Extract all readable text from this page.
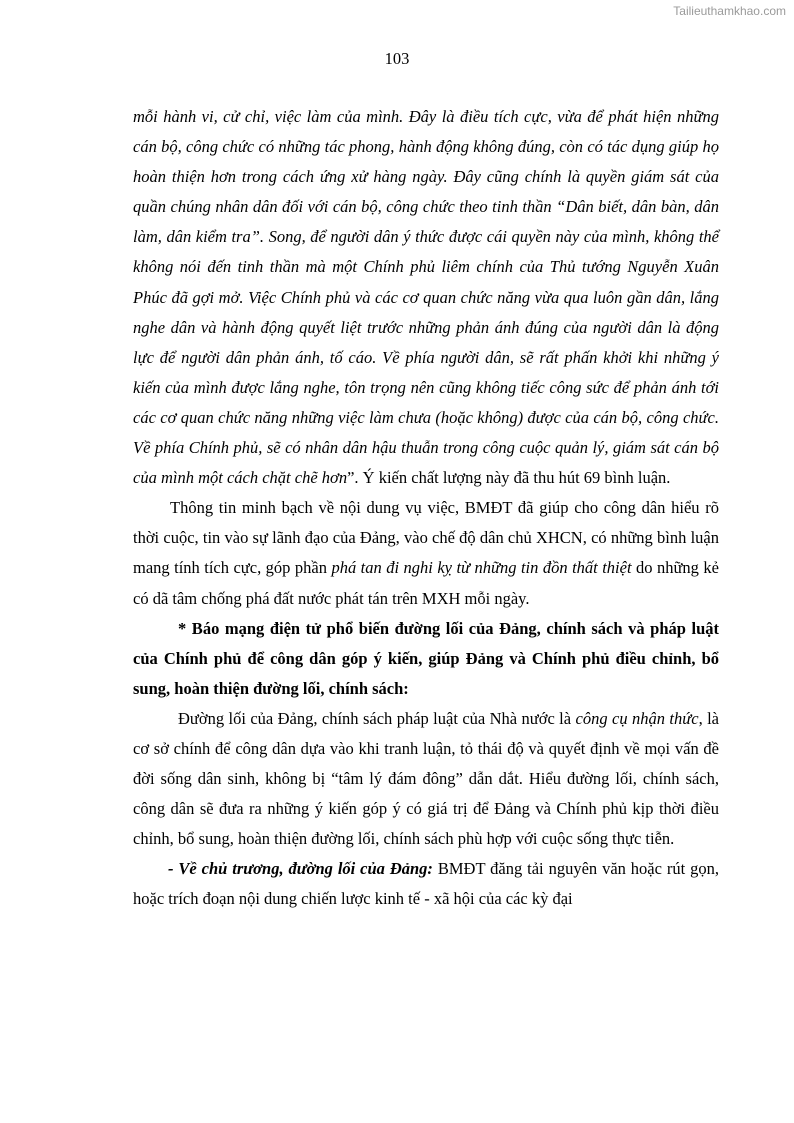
Tailieuthamkhao.com
103

mỗi hành vi, cử chỉ, việc làm của mình. Đây là điều tích cực, vừa để phát hiện những cán bộ, công chức có những tác phong, hành động không đúng, còn có tác dụng giúp họ hoàn thiện hơn trong cách ứng xử hàng ngày. Đây cũng chính là quyền giám sát của quần chúng nhân dân đối với cán bộ, công chức theo tinh thần “Dân biết, dân bàn, dân làm, dân kiểm tra”. Song, để người dân ý thức được cái quyền này của mình, không thể không nói đến tinh thần mà một Chính phủ liêm chính của Thủ tướng Nguyễn Xuân Phúc đã gợi mở. Việc Chính phủ và các cơ quan chức năng vừa qua luôn gần dân, lắng nghe dân và hành động quyết liệt trước những phản ánh đúng của người dân là động lực để người dân phản ánh, tố cáo. Về phía người dân, sẽ rất phấn khởi khi những ý kiến của mình được lắng nghe, tôn trọng nên cũng không tiếc công sức để phản ánh tới các cơ quan chức năng những việc làm chưa (hoặc không) được của cán bộ, công chức. Về phía Chính phủ, sẽ có nhân dân hậu thuẫn trong công cuộc quản lý, giám sát cán bộ của mình một cách chặt chẽ hơn”. Ý kiến chất lượng này đã thu hút 69 bình luận.

Thông tin minh bạch về nội dung vụ việc, BMĐT đã giúp cho công dân hiểu rõ thời cuộc, tin vào sự lãnh đạo của Đảng, vào chế độ dân chủ XHCN, có những bình luận mang tính tích cực, góp phần phá tan đi nghi kỵ từ những tin đồn thất thiệt do những kẻ có dã tâm chống phá đất nước phát tán trên MXH mỗi ngày.

* Báo mạng điện tử phổ biến đường lối của Đảng, chính sách và pháp luật của Chính phủ để công dân góp ý kiến, giúp Đảng và Chính phủ điều chỉnh, bổ sung, hoàn thiện đường lối, chính sách:

Đường lối của Đảng, chính sách pháp luật của Nhà nước là công cụ nhận thức, là cơ sở chính để công dân dựa vào khi tranh luận, tỏ thái độ và quyết định về mọi vấn đề đời sống dân sinh, không bị “tâm lý đám đông” dẫn dắt. Hiểu đường lối, chính sách, công dân sẽ đưa ra những ý kiến góp ý có giá trị để Đảng và Chính phủ kịp thời điều chỉnh, bổ sung, hoàn thiện đường lối, chính sách phù hợp với cuộc sống thực tiễn.

- Về chủ trương, đường lối của Đảng: BMĐT đăng tải nguyên văn hoặc rút gọn, hoặc trích đoạn nội dung chiến lược kinh tế - xã hội của các kỳ đại
